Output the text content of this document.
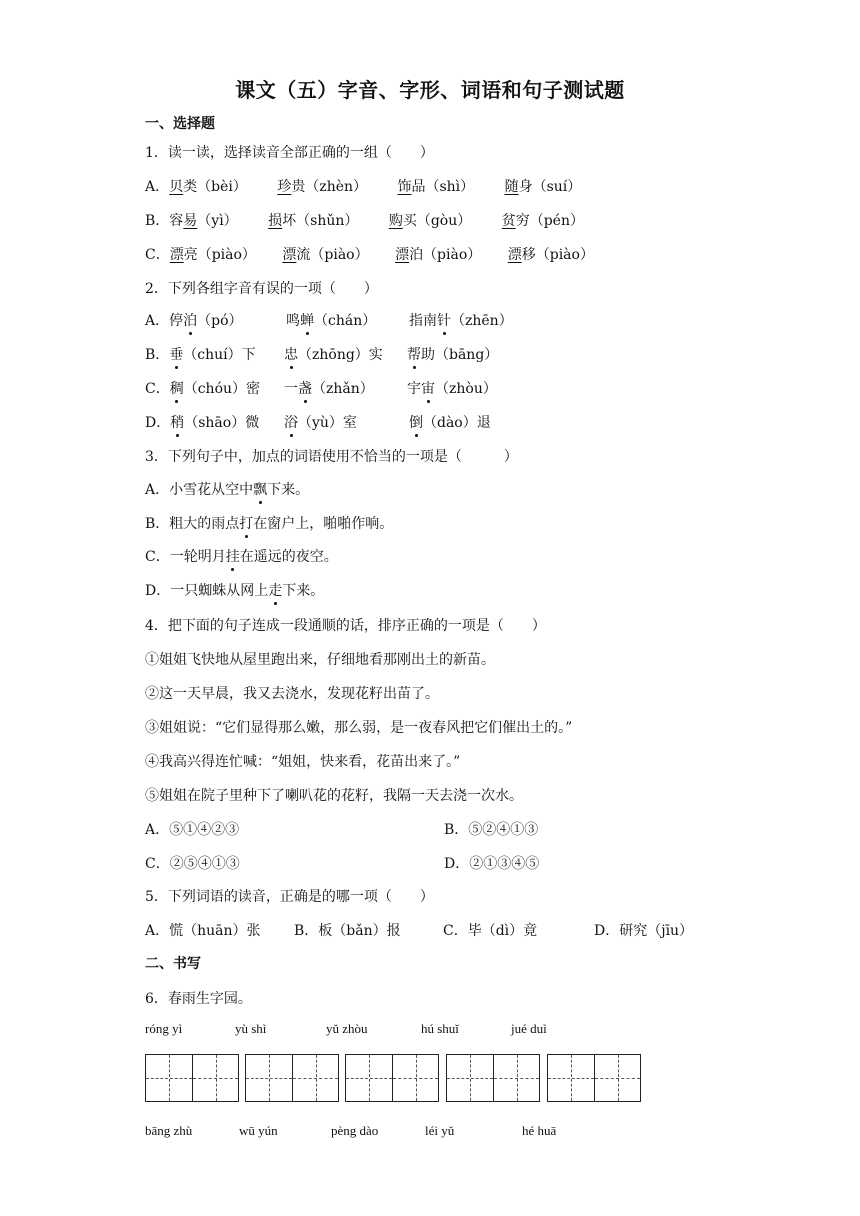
课文（五）字音、字形、词语和句子测试题
一、选择题
1．读一读，选择读音全部正确的一组（　　）
A．贝类（bèi） 珍贵（zhèn） 饰品（shì） 随身（suí）
B．容易（yì） 损坏（shǔn） 购买（gòu） 贫穷（pén）
C．漂亮（piào） 漂流（piào） 漂泊（piào） 漂移（piào）
2．下列各组字音有误的一项（　　）
A．停泊（pó）	鸣蝉（chán） 指南针（zhēn）
B．垂（chuí）下 忠（zhōng）实 帮助（bāng）
C．稠（chóu）密 一盏（zhǎn） 宇宙（zhòu）
D．稍（shāo）微 浴（yù）室	倒（dào）退
3．下列句子中，加点的词语使用不恰当的一项是（　　　）
A．小雪花从空中飘下来。
B．粗大的雨点打在窗户上，啪啪作响。
C．一轮明月挂在遥远的夜空。
D．一只蜘蛛从网上走下来。
4．把下面的句子连成一段通顺的话，排序正确的一项是（　　）
①姐姐飞快地从屋里跑出来，仔细地看那刚出土的新苗。
②这一天早晨，我又去浇水，发现花籽出苗了。
③姐姐说：“它们显得那么嫩，那么弱，是一夜春风把它们催出土的。”
④我高兴得连忙喊：“姐姐，快来看，花苗出来了。”
⑤姐姐在院子里种下了喇叭花的花籽，我隔一天去浇一次水。
A．⑤①④②③	B．⑤②④①③
C．②⑤④①③	D．②①③④⑤
5．下列词语的读音，正确是的哪一项（　　）
A．慌（huān）张 B．板（bǎn）报	C．毕（dì）竟	D．研究（jīu）
二、书写
6．春雨生字园。
róng yì	yù shì	yǔ zhòu	hú shuǐ	jué duì
bāng zhù	wū yún	pèng dào	léi yǔ	hé huā
